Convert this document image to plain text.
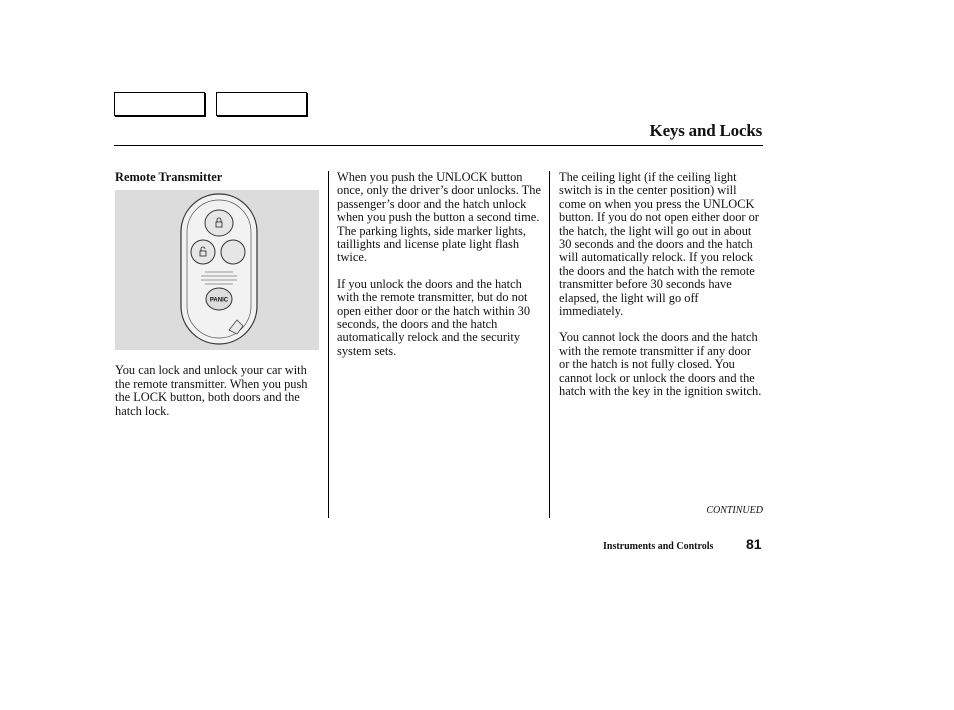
Keys and Locks

Remote Transmitter

PANIC

You can lock and unlock your car with the remote transmitter. When you push the LOCK button, both doors and the hatch lock.

When you push the UNLOCK button once, only the driver’s door unlocks. The passenger’s door and the hatch unlock when you push the button a second time. The parking lights, side marker lights, taillights and license plate light flash twice.

If you unlock the doors and the hatch with the remote transmitter, but do not open either door or the hatch within 30 seconds, the doors and the hatch automatically relock and the security system sets.

The ceiling light (if the ceiling light switch is in the center position) will come on when you press the UNLOCK button. If you do not open either door or the hatch, the light will go out in about 30 seconds and the doors and the hatch will automatically relock. If you relock the doors and the hatch with the remote transmitter before 30 seconds have elapsed, the light will go off immediately.

You cannot lock the doors and the hatch with the remote transmitter if any door or the hatch is not fully closed. You cannot lock or unlock the doors and the hatch with the key in the ignition switch.

CONTINUED
Instruments and Controls 81
